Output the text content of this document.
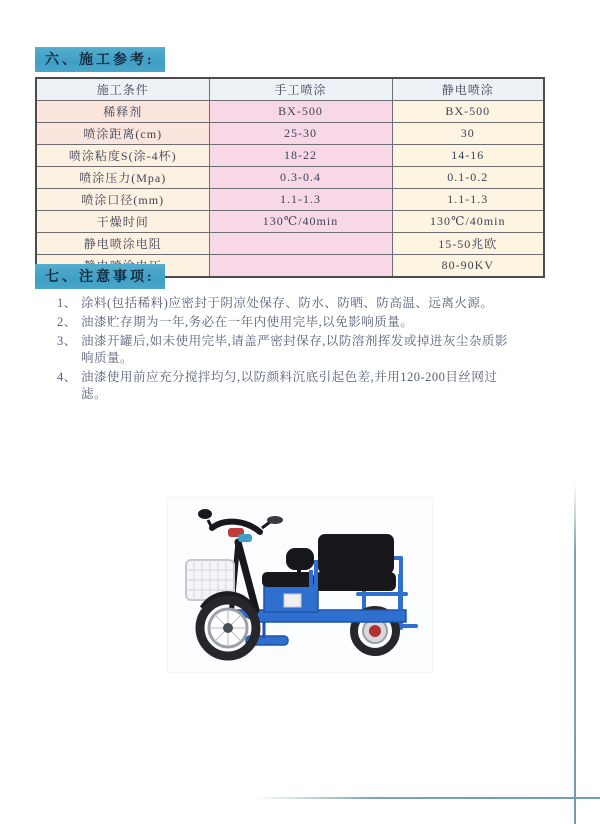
六、施工参考:
施工条件	手工喷涂	静电喷涂
稀释剂	BX-500	BX-500
喷涂距离(cm)	25-30	30
喷涂粘度S(涂-4杯)	18-22	14-16
喷涂压力(Mpa)	0.3-0.4	0.1-0.2
喷涂口径(mm)	1.1-1.3	1.1-1.3
干燥时间	130℃/40min	130℃/40min
静电喷涂电阻		15-50兆欧
		80-90KV
七、注意事项:
1、 涂料(包括稀料)应密封于阴凉处保存、防水、防晒、防高温、远离火源。
2、 油漆贮存期为一年,务必在一年内使用完毕,以免影响质量。
3、 油漆开罐后,如未使用完毕,请盖严密封保存,以防溶剂挥发或掉进灰尘杂质影响质量。
4、 油漆使用前应充分搅拌均匀,以防颜料沉底引起色差,并用120-200目丝网过滤。
